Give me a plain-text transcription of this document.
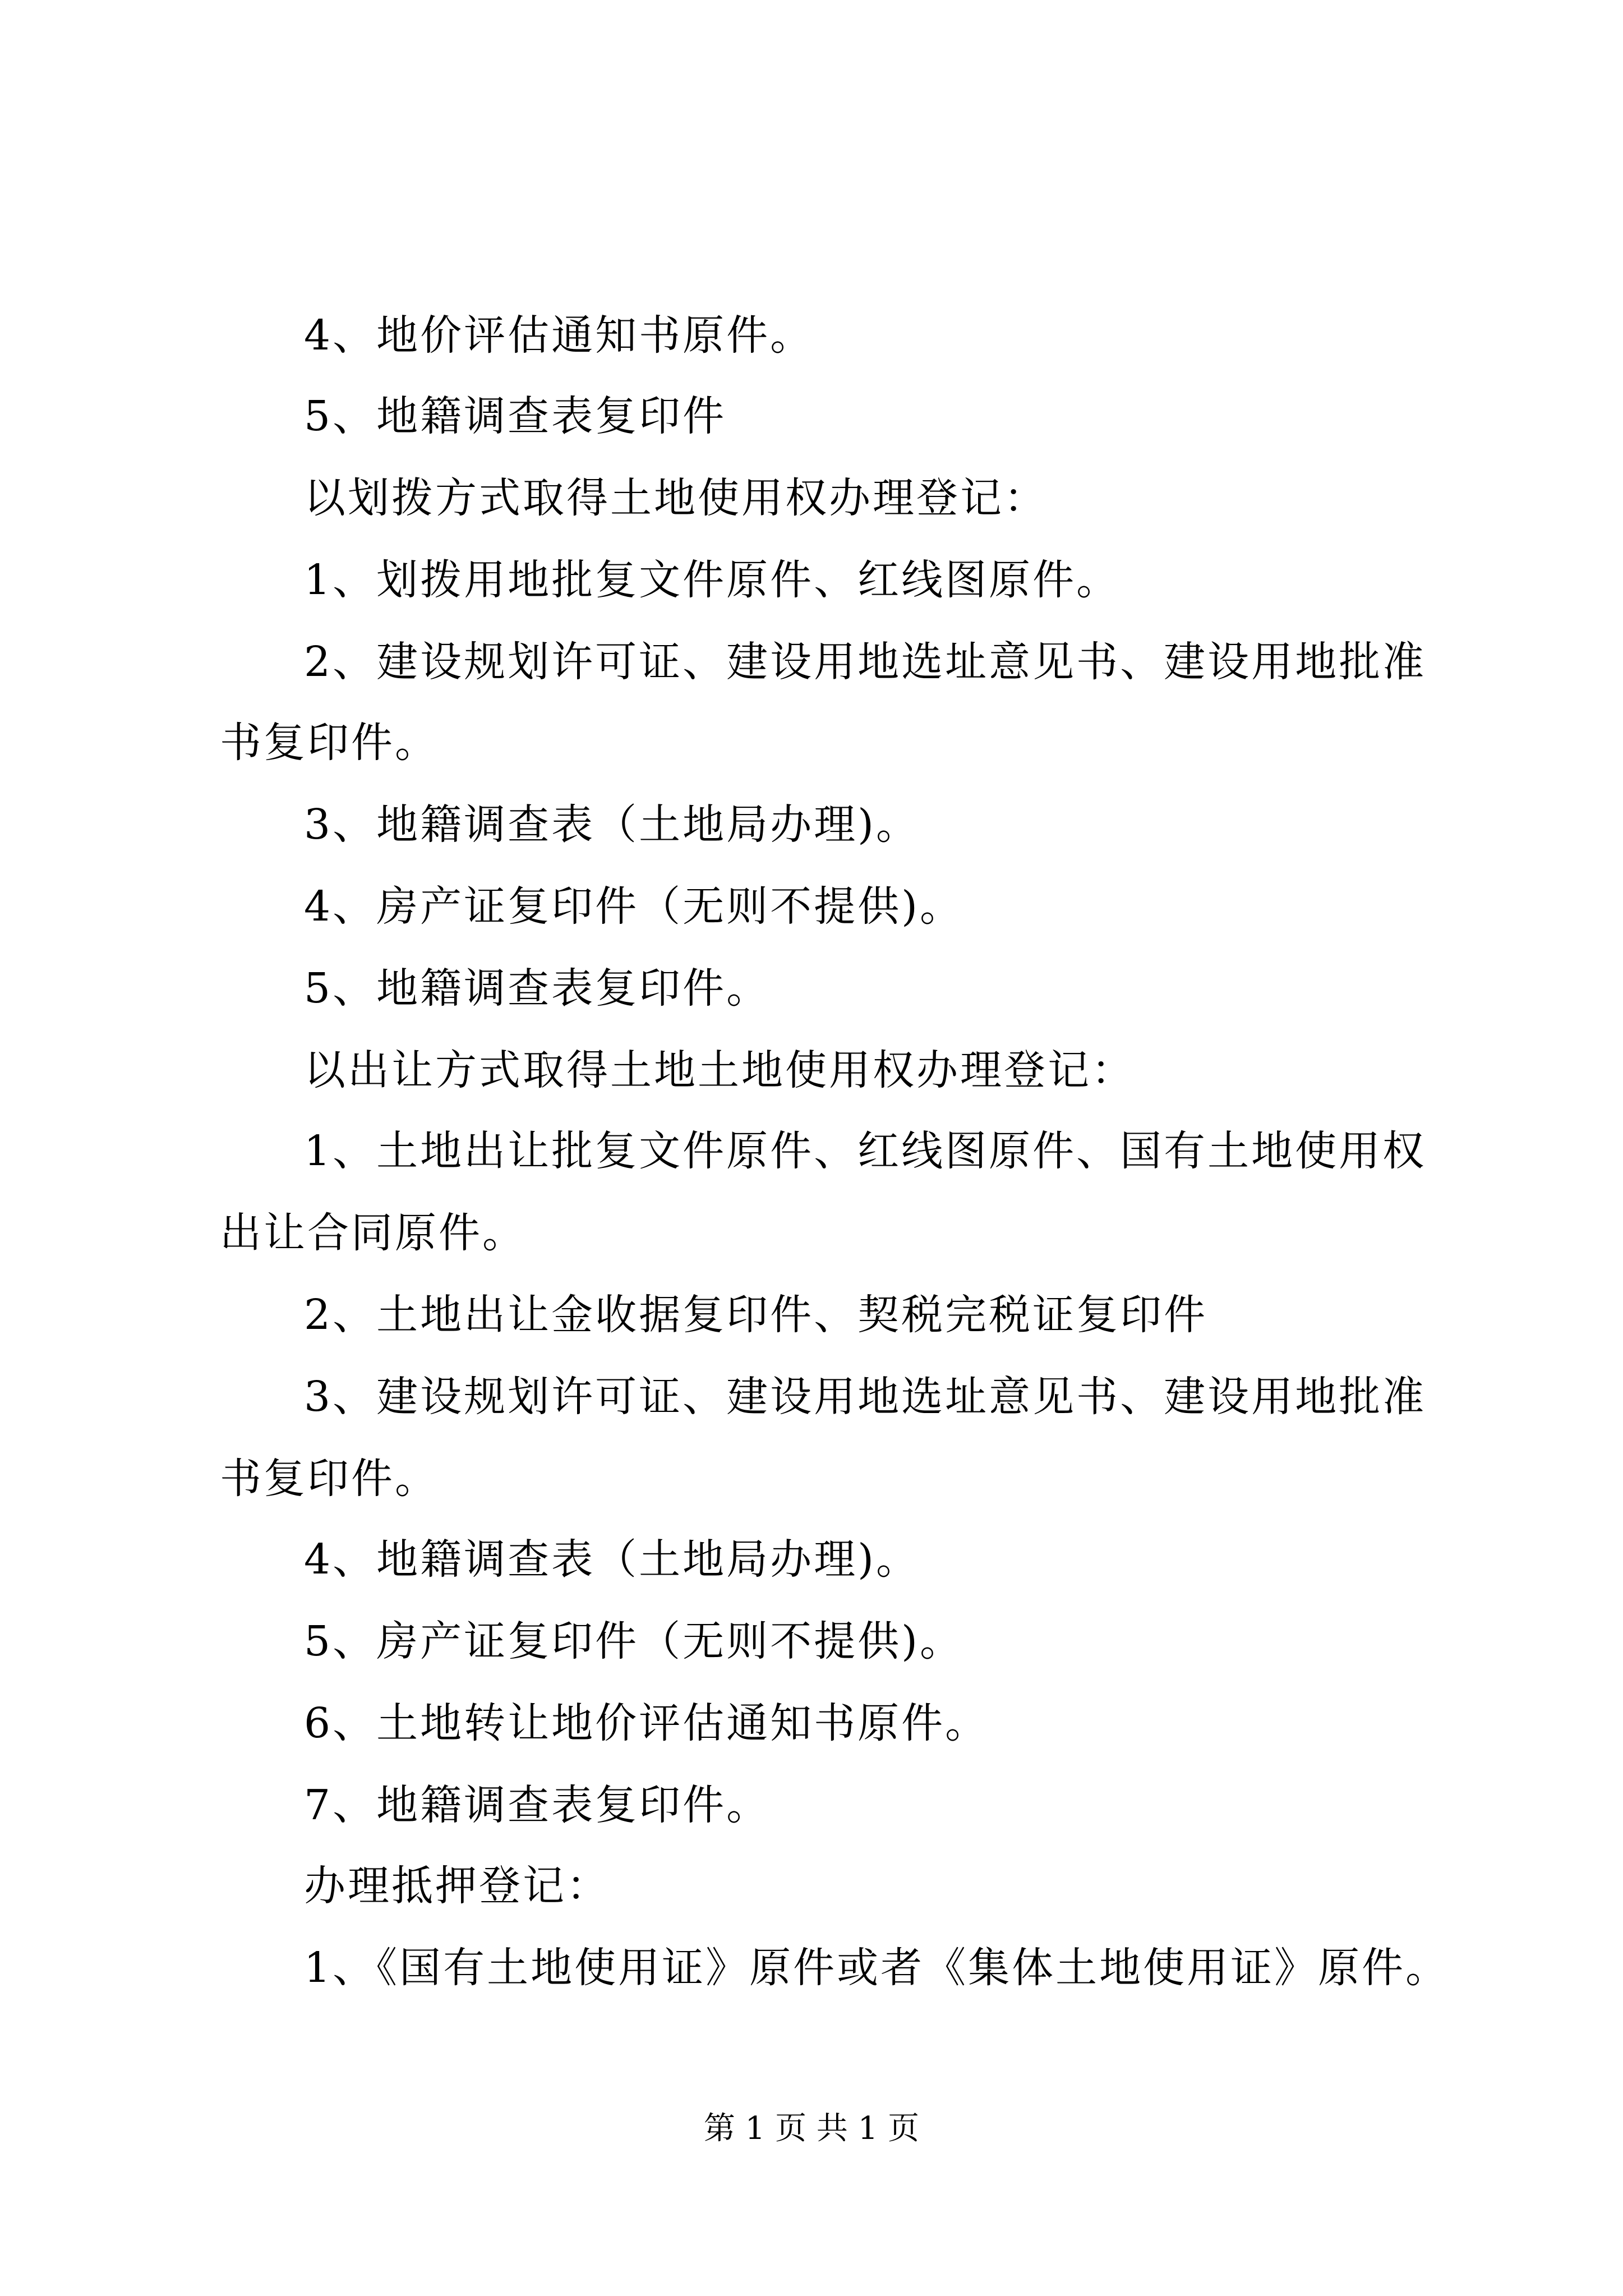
4、地价评估通知书原件。
5、地籍调查表复印件
以划拨方式取得土地使用权办理登记：
1、划拨用地批复文件原件、红线图原件。
2、建设规划许可证、建设用地选址意见书、建设用地批准
书复印件。
3、地籍调查表（土地局办理)。
4、房产证复印件（无则不提供)。
5、地籍调查表复印件。
以出让方式取得土地土地使用权办理登记：
1、土地出让批复文件原件、红线图原件、国有土地使用权
出让合同原件。
2、土地出让金收据复印件、契税完税证复印件
3、建设规划许可证、建设用地选址意见书、建设用地批准
书复印件。
4、地籍调查表（土地局办理)。
5、房产证复印件（无则不提供)。
6、土地转让地价评估通知书原件。
7、地籍调查表复印件。
办理抵押登记：
1、《国有土地使用证》原件或者《集体土地使用证》原件。
第 1 页 共 1 页
